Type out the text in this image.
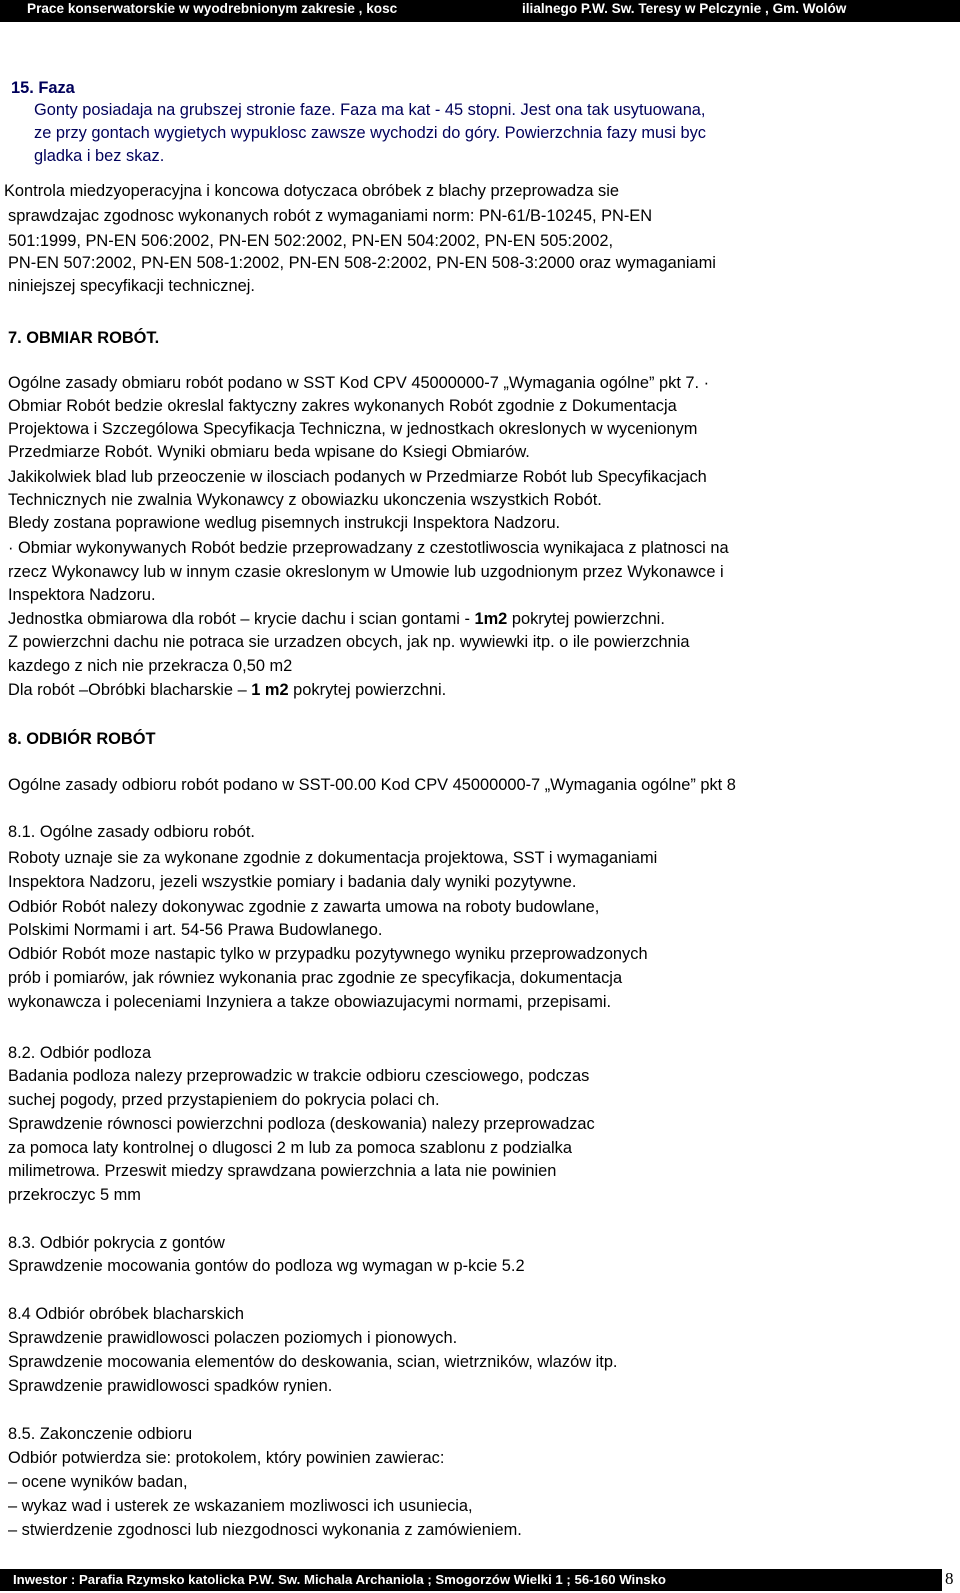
Prace konserwatorskie w wyodrebnionym zakresie , kosc	ilialnego P.W. Sw. Teresy w Pelczynie , Gm. Wolów
15. Faza
Gonty posiadaja na grubszej stronie faze. Faza ma kat - 45 stopni. Jest ona tak usytuowana,
ze przy gontach wygietych wypuklosc zawsze wychodzi do góry. Powierzchnia fazy musi byc
gladka i bez skaz.
Kontrola miedzyoperacyjna i koncowa dotyczaca obróbek z blachy przeprowadza sie
sprawdzajac zgodnosc wykonanych robót z wymaganiami norm: PN-61/B-10245, PN-EN
501:1999, PN-EN 506:2002, PN-EN 502:2002, PN-EN 504:2002, PN-EN 505:2002,
PN-EN 507:2002, PN-EN 508-1:2002, PN-EN 508-2:2002, PN-EN 508-3:2000 oraz wymaganiami
niniejszej specyfikacji technicznej.
7. OBMIAR ROBÓT.
Ogólne zasady obmiaru robót podano w SST Kod CPV 45000000-7 „Wymagania ogólne” pkt 7. ·
Obmiar Robót bedzie okreslal faktyczny zakres wykonanych Robót zgodnie z Dokumentacja
Projektowa i Szczególowa Specyfikacja Techniczna, w jednostkach okreslonych w wycenionym
Przedmiarze Robót. Wyniki obmiaru beda wpisane do Ksiegi Obmiarów.
Jakikolwiek blad lub przeoczenie w ilosciach podanych w Przedmiarze Robót lub Specyfikacjach
Technicznych nie zwalnia Wykonawcy z obowiazku ukonczenia wszystkich Robót.
Bledy zostana poprawione wedlug pisemnych instrukcji Inspektora Nadzoru.
· Obmiar wykonywanych Robót bedzie przeprowadzany z czestotliwoscia wynikajaca z platnosci na
rzecz Wykonawcy lub w innym czasie okreslonym w Umowie lub uzgodnionym przez Wykonawce i
Inspektora Nadzoru.
Jednostka obmiarowa dla robót – krycie dachu i scian gontami - 1m2 pokrytej powierzchni.
Z powierzchni dachu nie potraca sie urzadzen obcych, jak np. wywiewki itp. o ile powierzchnia
kazdego z nich nie przekracza 0,50 m2
Dla robót –Obróbki blacharskie – 1 m2 pokrytej powierzchni.
8. ODBIÓR ROBÓT
Ogólne zasady odbioru robót podano w SST-00.00 Kod CPV 45000000-7 „Wymagania ogólne” pkt 8
8.1. Ogólne zasady odbioru robót.
Roboty uznaje sie za wykonane zgodnie z dokumentacja projektowa, SST i wymaganiami
Inspektora Nadzoru, jezeli wszystkie pomiary i badania daly wyniki pozytywne.
Odbiór Robót nalezy dokonywac zgodnie z zawarta umowa na roboty budowlane,
Polskimi Normami i art. 54-56 Prawa Budowlanego.
Odbiór Robót moze nastapic tylko w przypadku pozytywnego wyniku przeprowadzonych
prób i pomiarów, jak równiez wykonania prac zgodnie ze specyfikacja, dokumentacja
wykonawcza i poleceniami Inzyniera a takze obowiazujacymi normami, przepisami.
8.2. Odbiór podloza
Badania podloza nalezy przeprowadzic w trakcie odbioru czesciowego, podczas
suchej pogody, przed przystapieniem do pokrycia polaci ch.
Sprawdzenie równosci powierzchni podloza (deskowania) nalezy przeprowadzac
za pomoca laty kontrolnej o dlugosci 2 m lub za pomoca szablonu z podzialka
milimetrowa. Przeswit miedzy sprawdzana powierzchnia a lata nie powinien
przekroczyc 5 mm
8.3. Odbiór pokrycia z gontów
Sprawdzenie mocowania gontów do podloza wg wymagan w p-kcie 5.2
8.4 Odbiór obróbek blacharskich
Sprawdzenie prawidlowosci polaczen poziomych i pionowych.
Sprawdzenie mocowania elementów do deskowania, scian, wietrzników, wlazów itp.
Sprawdzenie prawidlowosci spadków rynien.
8.5. Zakonczenie odbioru
Odbiór potwierdza sie: protokolem, który powinien zawierac:
– ocene wyników badan,
– wykaz wad i usterek ze wskazaniem mozliwosci ich usuniecia,
– stwierdzenie zgodnosci lub niezgodnosci wykonania z zamówieniem.
Inwestor : Parafia Rzymsko katolicka P.W. Sw. Michala Archaniola ; Smogorzów Wielki 1 ; 56-160 Winsko	8
